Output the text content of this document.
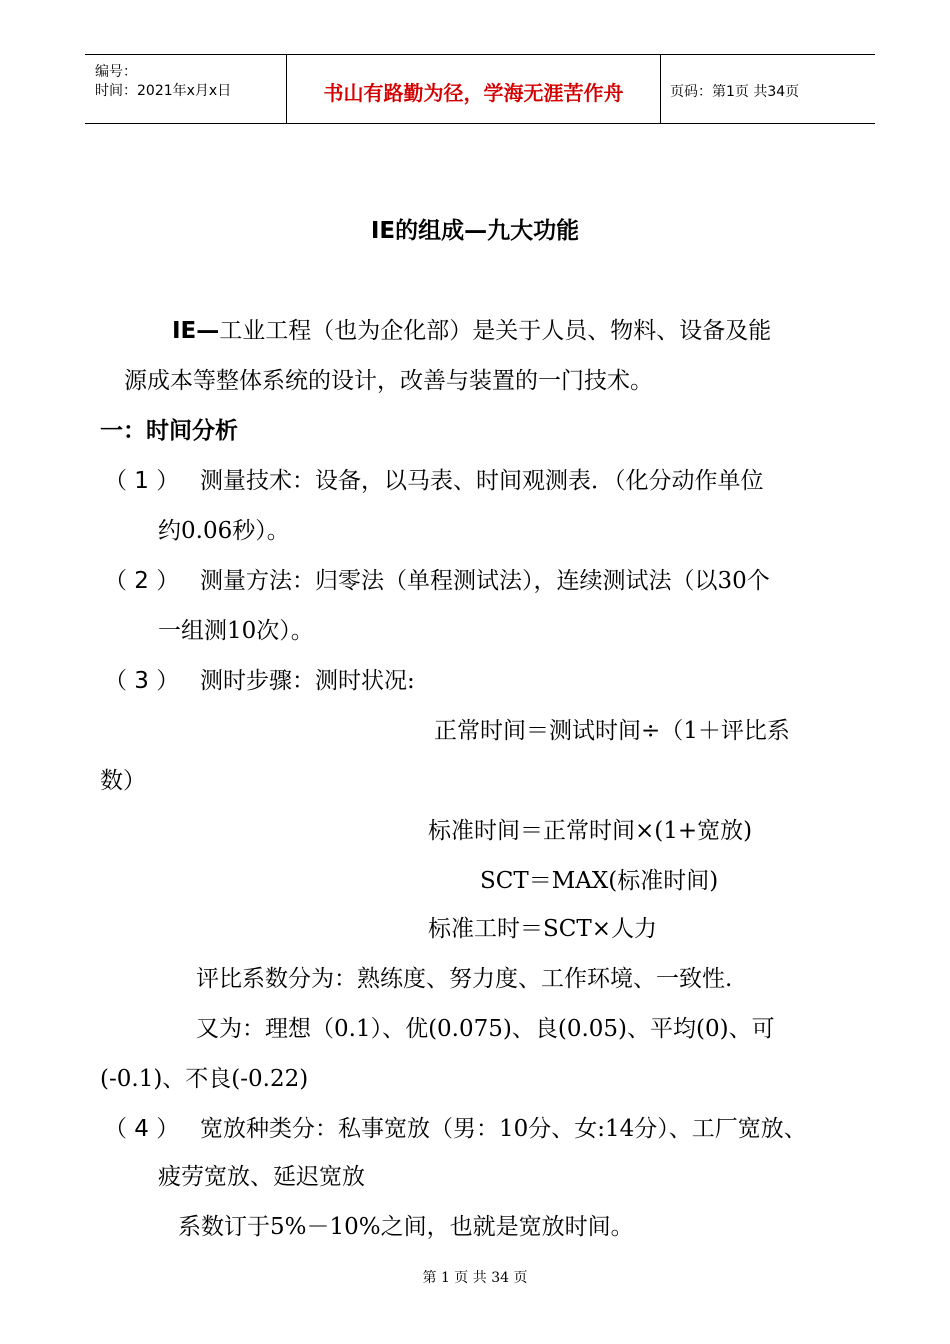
编号：
时间：2021年x月x日	书山有路勤为径，学海无涯苦作舟	页码：第1页 共34页
IE的组成—九大功能
IE—工业工程（也为企化部）是关于人员、物料、设备及能
源成本等整体系统的设计，改善与装置的一门技术。
一：时间分析
（ 1 ） 测量技术：设备，以马表、时间观测表．（化分动作单位
约0.06秒）。
（ 2 ） 测量方法：归零法（单程测试法），连续测试法（以30个
一组测10次）。
（ 3 ） 测时步骤：测时状况:
正常时间＝测试时间÷（1＋评比系
数）
标准时间＝正常时间×(1+宽放)
SCT＝MAX(标准时间)
标准工时＝SCT×人力
评比系数分为：熟练度、努力度、工作环境、一致性.
又为：理想（0.1）、优(0.075)、良(0.05)、平均(0)、可
(-0.1)、不良(-0.22)
（ 4 ） 宽放种类分：私事宽放（男：10分、女:14分）、工厂宽放、
疲劳宽放、延迟宽放
系数订于5%－10%之间，也就是宽放时间。
第 1 页 共 34 页
